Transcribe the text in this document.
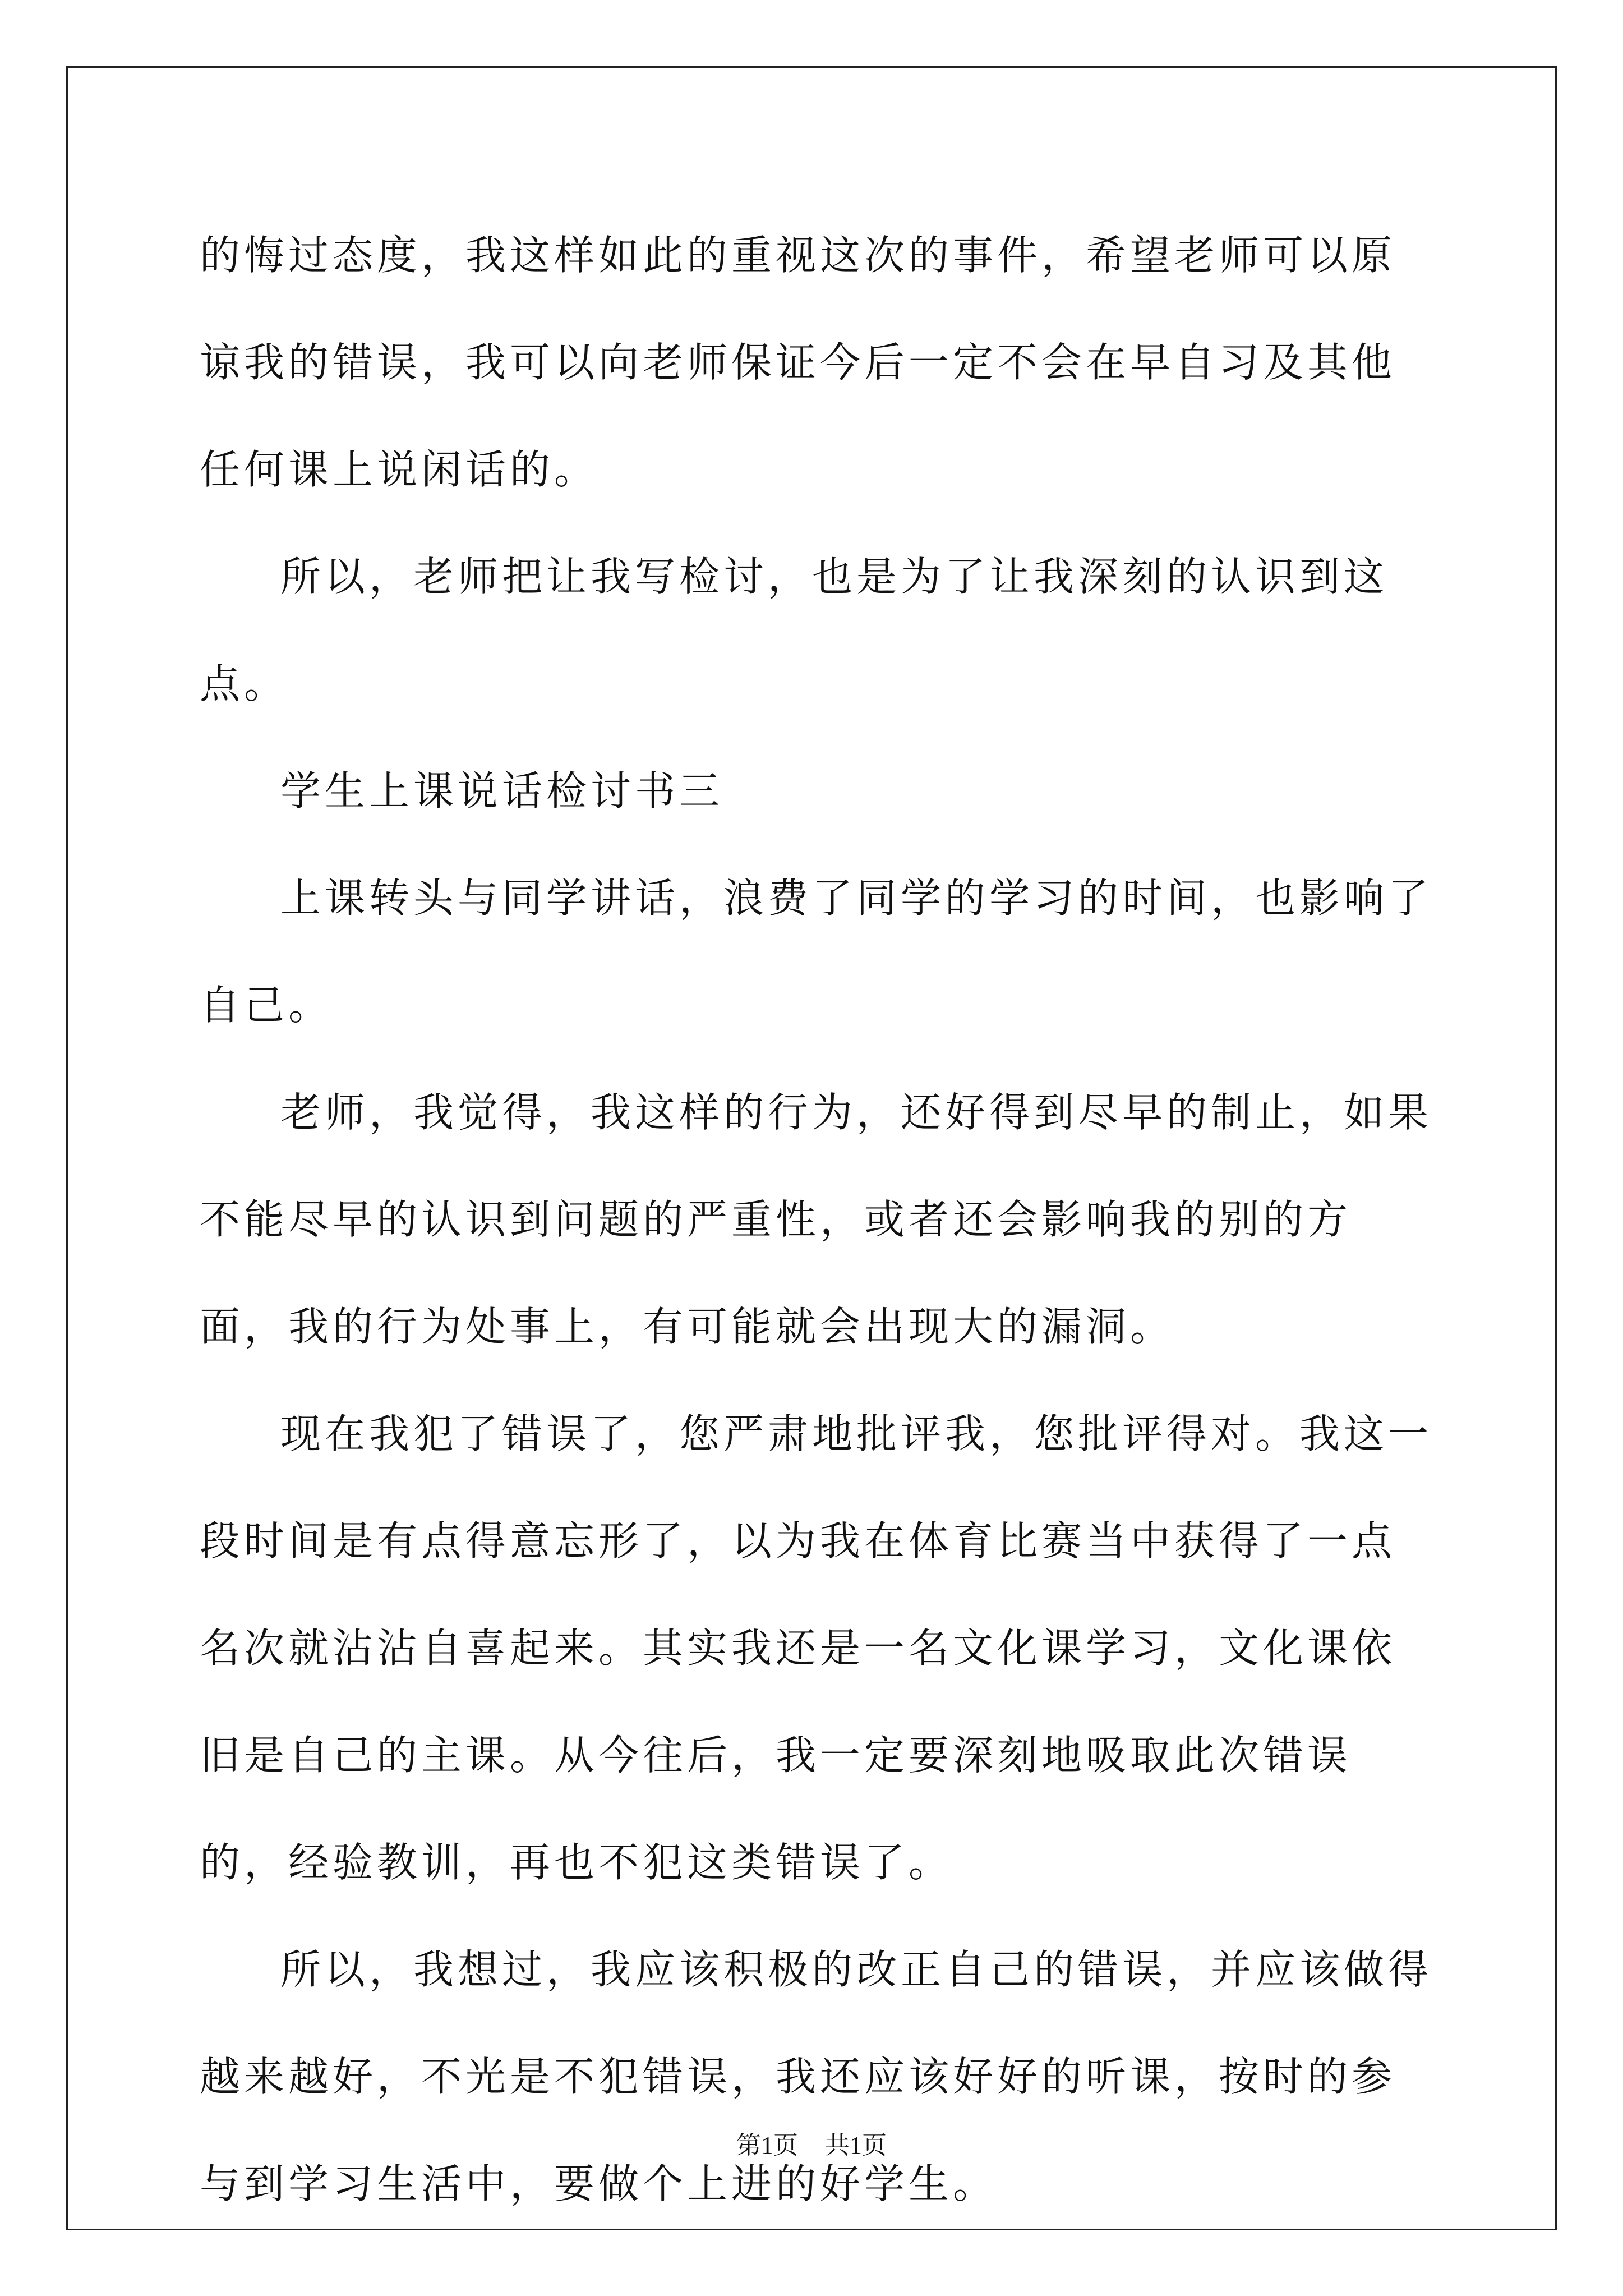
的悔过态度，我这样如此的重视这次的事件，希望老师可以原谅我的错误，我可以向老师保证今后一定不会在早自习及其他任何课上说闲话的。

所以，老师把让我写检讨，也是为了让我深刻的认识到这点。

学生上课说话检讨书三

上课转头与同学讲话，浪费了同学的学习的时间，也影响了自己。

老师，我觉得，我这样的行为，还好得到尽早的制止，如果不能尽早的认识到问题的严重性，或者还会影响我的别的方面，我的行为处事上，有可能就会出现大的漏洞。

现在我犯了错误了，您严肃地批评我，您批评得对。我这一段时间是有点得意忘形了，以为我在体育比赛当中获得了一点名次就沾沾自喜起来。其实我还是一名文化课学习，文化课依旧是自己的主课。从今往后，我一定要深刻地吸取此次错误的，经验教训，再也不犯这类错误了。

所以，我想过，我应该积极的改正自己的错误，并应该做得越来越好，不光是不犯错误，我还应该好好的听课，按时的参与到学习生活中，要做个上进的好学生。

第1页 共1页
